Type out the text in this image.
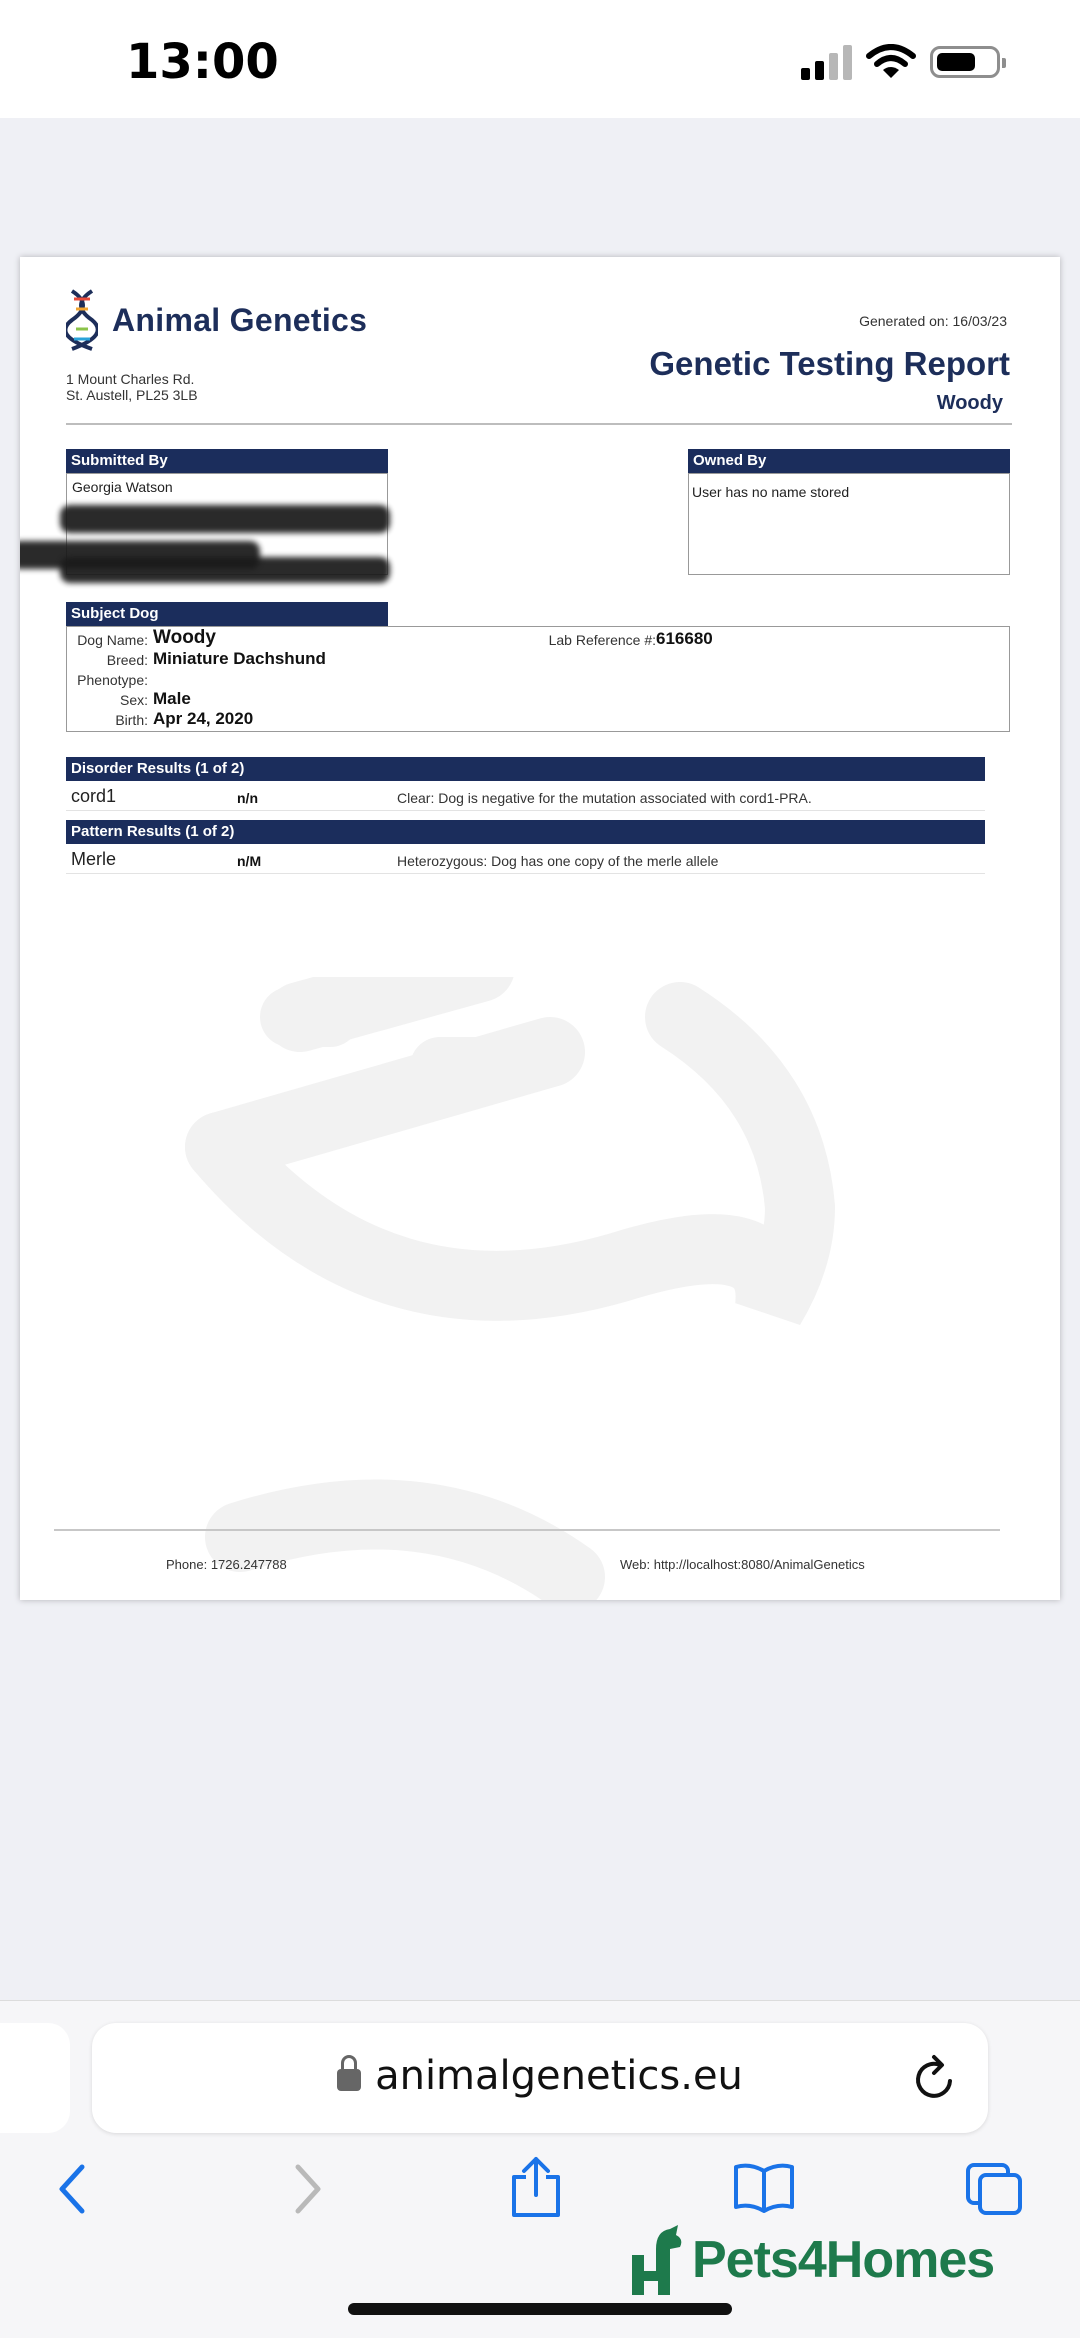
13:00
Animal Genetics
1 Mount Charles Rd.
St. Austell, PL25 3LB
Generated on: 16/03/23
Genetic Testing Report
Woody
Submitted By
Georgia Watson
Owned By
User has no name stored
Subject Dog
Dog Name: Woody
Breed: Miniature Dachshund
Phenotype:
Sex: Male
Birth: Apr 24, 2020
Lab Reference #: 616680
Disorder Results (1 of 2)
cord1	n/n	Clear: Dog is negative for the mutation associated with cord1-PRA.
Pattern Results (1 of 2)
Merle	n/M	Heterozygous: Dog has one copy of the merle allele
Phone: 1726.247788	Web: http://localhost:8080/AnimalGenetics
animalgenetics.eu
Pets4Homes
